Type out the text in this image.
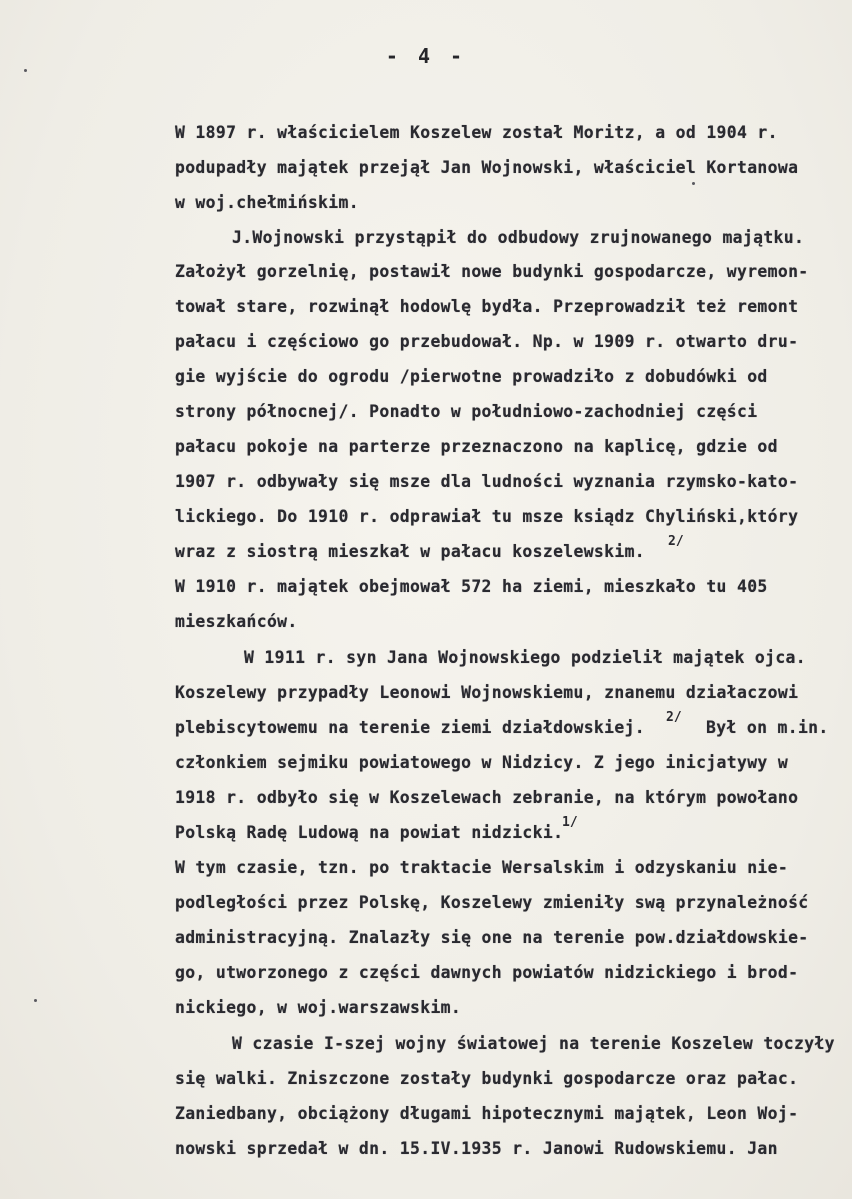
- 4 -
W 1897 r. właścicielem Koszelew został Moritz, a od 1904 r.
podupadły majątek przejął Jan Wojnowski, właściciel Kortanowa
w woj.chełmińskim.
J.Wojnowski przystąpił do odbudowy zrujnowanego majątku.
Założył gorzelnię, postawił nowe budynki gospodarcze, wyremon-
tował stare, rozwinął hodowlę bydła. Przeprowadził też remont
pałacu i częściowo go przebudował. Np. w 1909 r. otwarto dru-
gie wyjście do ogrodu /pierwotne prowadziło z dobudówki od
strony północnej/. Ponadto w południowo-zachodniej części
pałacu pokoje na parterze przeznaczono na kaplicę, gdzie od
1907 r. odbywały się msze dla ludności wyznania rzymsko-kato-
lickiego. Do 1910 r. odprawiał tu msze ksiądz Chyliński,który
wraz z siostrą mieszkał w pałacu koszelewskim.
2/
W 1910 r. majątek obejmował 572 ha ziemi, mieszkało tu 405
mieszkańców.
W 1911 r. syn Jana Wojnowskiego podzielił majątek ojca.
Koszelewy przypadły Leonowi Wojnowskiemu, znanemu działaczowi
plebiscytowemu na terenie ziemi działdowskiej.
2/
Był on m.in.
członkiem sejmiku powiatowego w Nidzicy. Z jego inicjatywy w
1918 r. odbyło się w Koszelewach zebranie, na którym powołano
Polską Radę Ludową na powiat nidzicki.
1/
W tym czasie, tzn. po traktacie Wersalskim i odzyskaniu nie-
podległości przez Polskę, Koszelewy zmieniły swą przynależność
administracyjną. Znalazły się one na terenie pow.działdowskie-
go, utworzonego z części dawnych powiatów nidzickiego i brod-
nickiego, w woj.warszawskim.
W czasie I-szej wojny światowej na terenie Koszelew toczyły
się walki. Zniszczone zostały budynki gospodarcze oraz pałac.
Zaniedbany, obciążony długami hipotecznymi majątek, Leon Woj-
nowski sprzedał w dn. 15.IV.1935 r. Janowi Rudowskiemu. Jan
